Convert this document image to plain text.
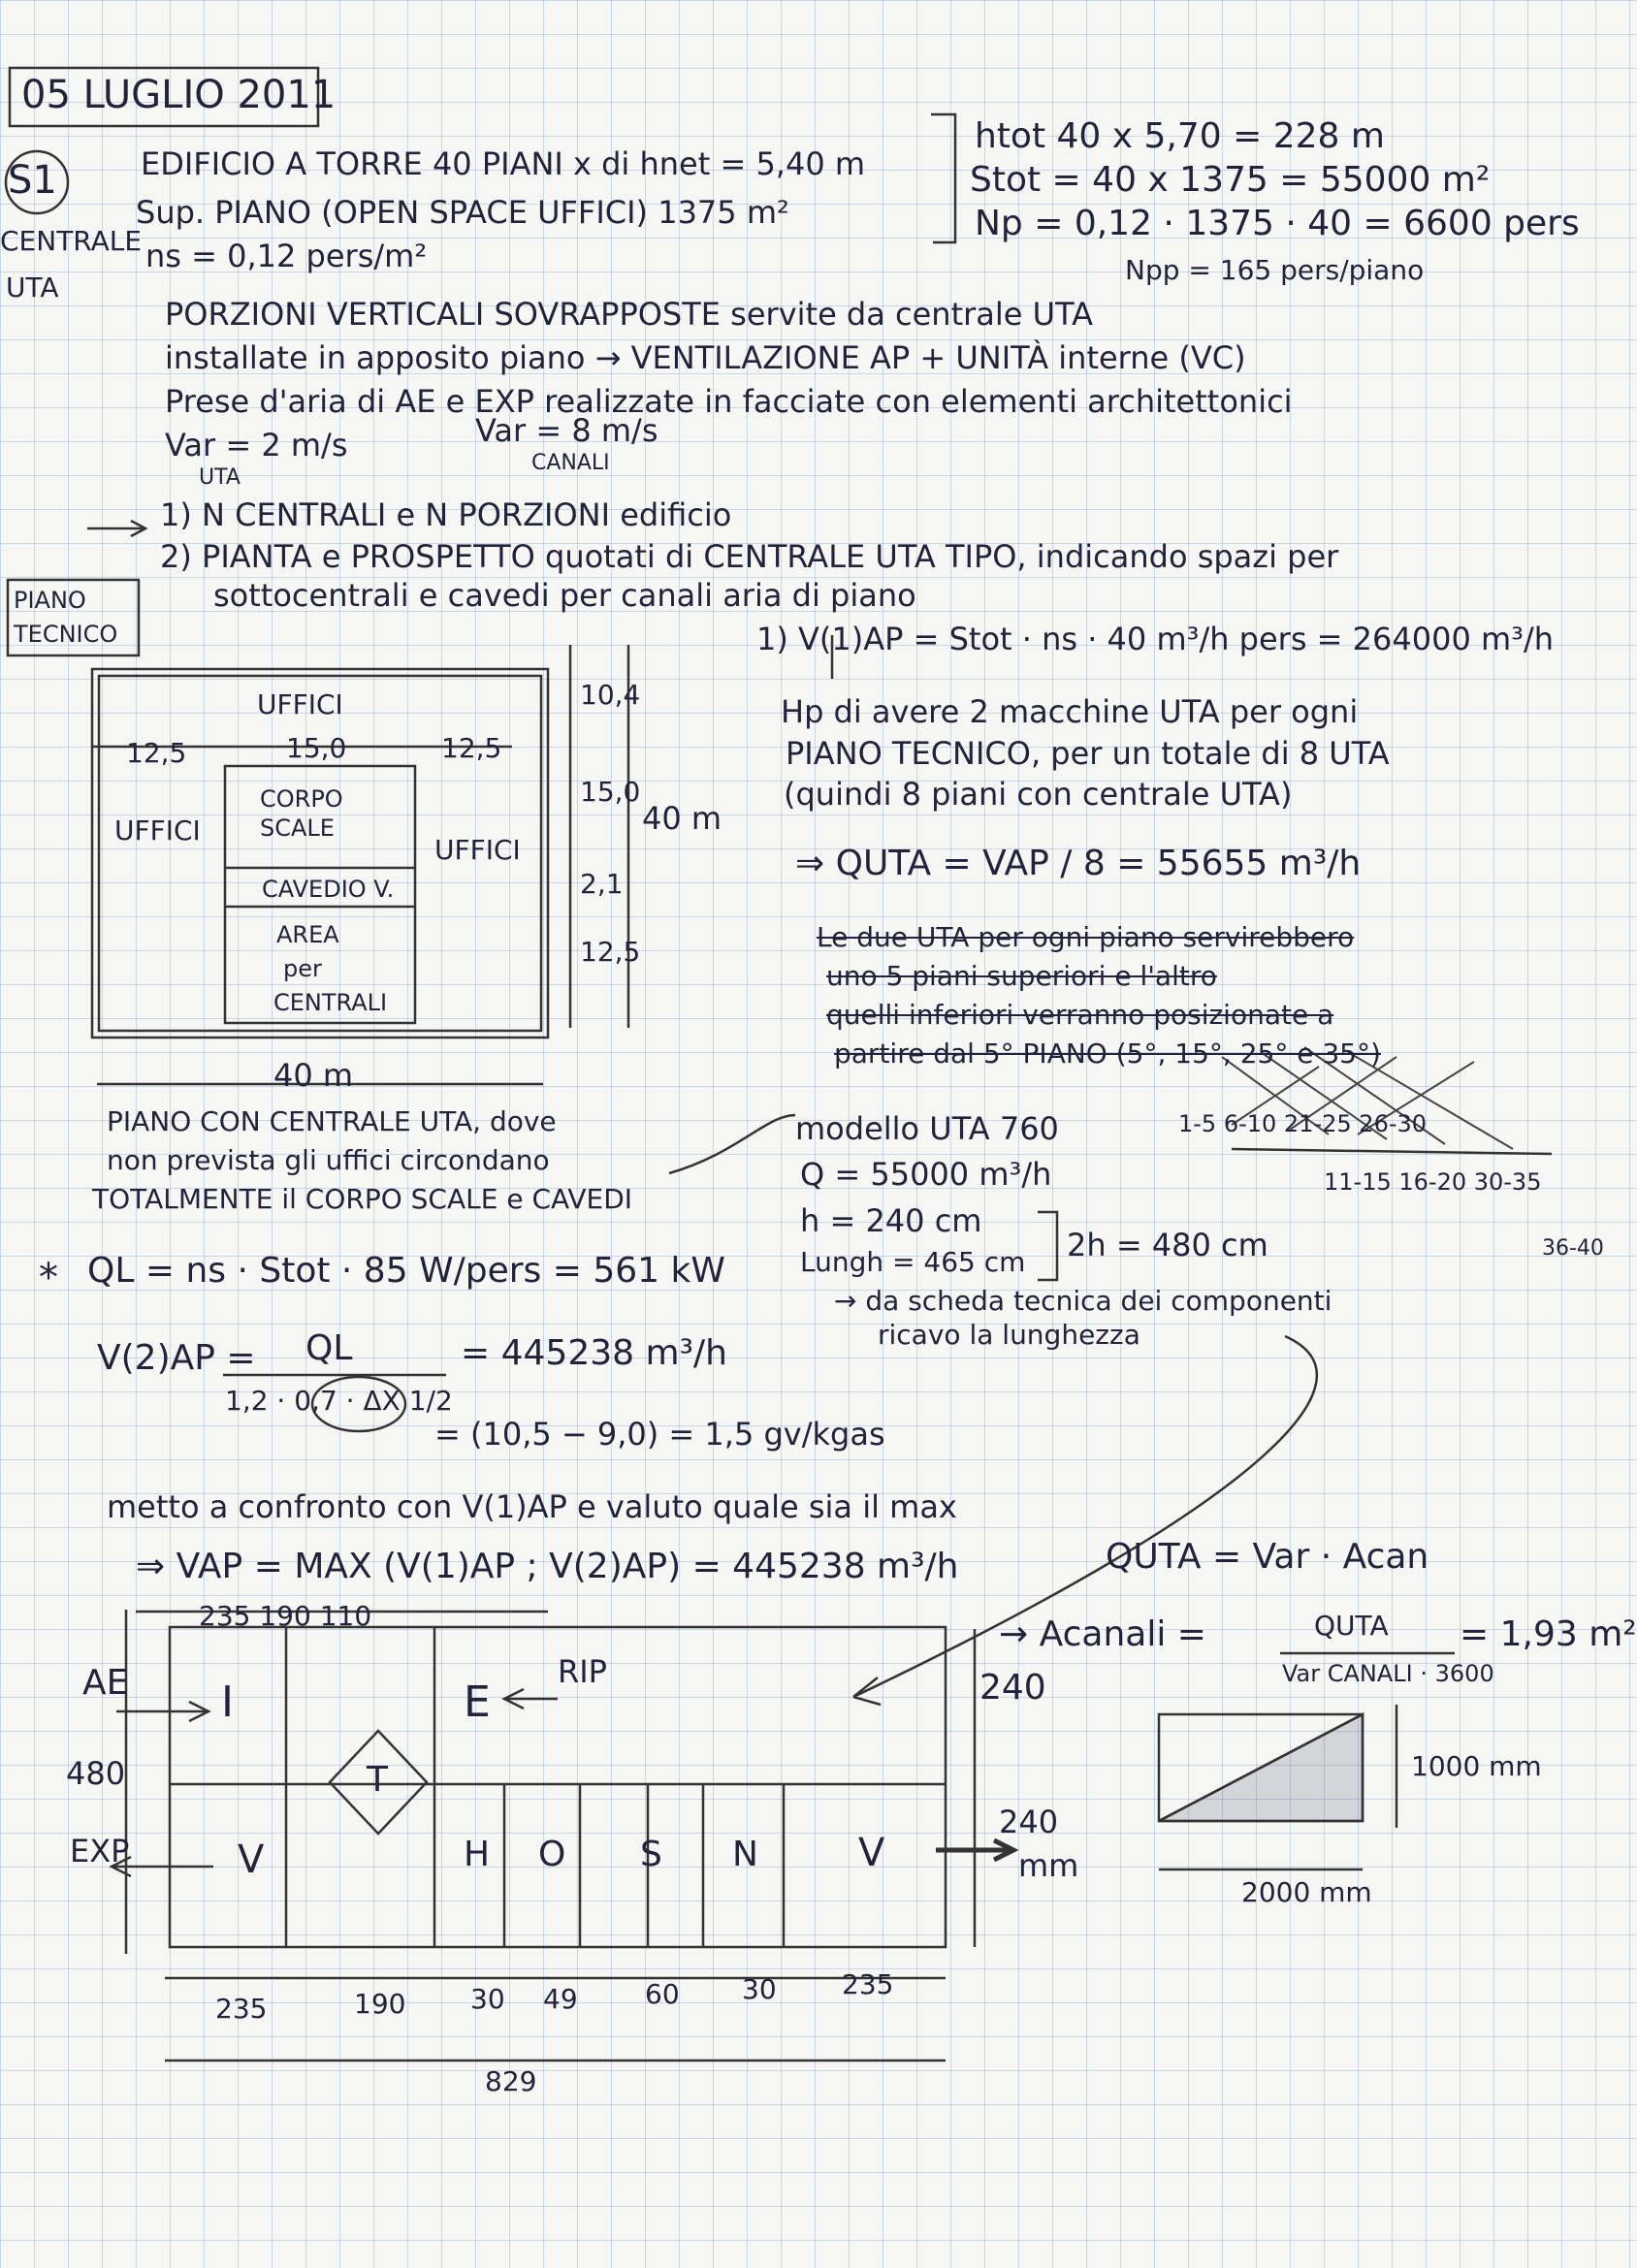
05 LUGLIO 2011
S1
CENTRALE
UTA
EDIFICIO A TORRE 40 PIANI x di hnet = 5,40 m
Sup. PIANO (OPEN SPACE UFFICI) 1375 m²
ns = 0,12 pers/m²
htot 40 x 5,70 = 228 m
Stot = 40 x 1375 = 55000 m²
Np = 0,12 · 1375 · 40 = 6600 pers
Npp = 165 pers/piano
PORZIONI VERTICALI SOVRAPPOSTE servite da centrale UTA
installate in apposito piano → VENTILAZIONE AP + UNITÀ interne (VC)
Prese d'aria di AE e EXP realizzate in facciate con elementi architettonici
Var = 2 m/s
UTA
Var = 8 m/s
CANALI
1) N CENTRALI e N PORZIONI edificio
2) PIANTA e PROSPETTO quotati di CENTRALE UTA TIPO, indicando spazi per
sottocentrali e cavedi per canali aria di piano
PIANO
TECNICO
UFFICI
UFFICI
UFFICI
CORPO
SCALE
CAVEDIO V.
AREA
per
CENTRALI
12,5	15,0	12,5
10,4
15,0
2,1
12,5
40 m
40 m
PIANO CON CENTRALE UTA, dove
non prevista gli uffici circondano
TOTALMENTE il CORPO SCALE e CAVEDI
1) V(1)AP = Stot · ns · 40 m³/h pers = 264000 m³/h
Hp di avere 2 macchine UTA per ogni
PIANO TECNICO, per un totale di 8 UTA
(quindi 8 piani con centrale UTA)
⇒ QUTA = VAP / 8 = 55655 m³/h
Le due UTA per ogni piano servirebbero
uno 5 piani superiori e l'altro
quelli inferiori verranno posizionate a
partire dal 5° PIANO (5°, 15°, 25° e 35°)
1-5 6-10 21-25 26-30
11-15 16-20 30-35
36-40
modello UTA 760
Q = 55000 m³/h
h = 240 cm
Lungh = 465 cm 2h = 480 cm
→ da scheda tecnica dei componenti
ricavo la lunghezza
* QL = ns · Stot · 85 W/pers = 561 kW
V(2)AP = QL
1,2 · 0,7 · ΔX 1/2
= 445238 m³/h
= (10,5 − 9,0) = 1,5 gv/kgas
metto a confronto con V(1)AP e valuto quale sia il max
⇒ VAP = MAX (V(1)AP ; V(2)AP) = 445238 m³/h	QUTA = Var · Acan
→ Acanali =	QUTA
Var CANALI · 3600
= 1,93 m²
1000 mm
2000 mm
AE
EXP
RIP
480
240
240
mm
235 190 110
I	E
T
V	H O S N	V
235	190 30 49 60 30 235
829
